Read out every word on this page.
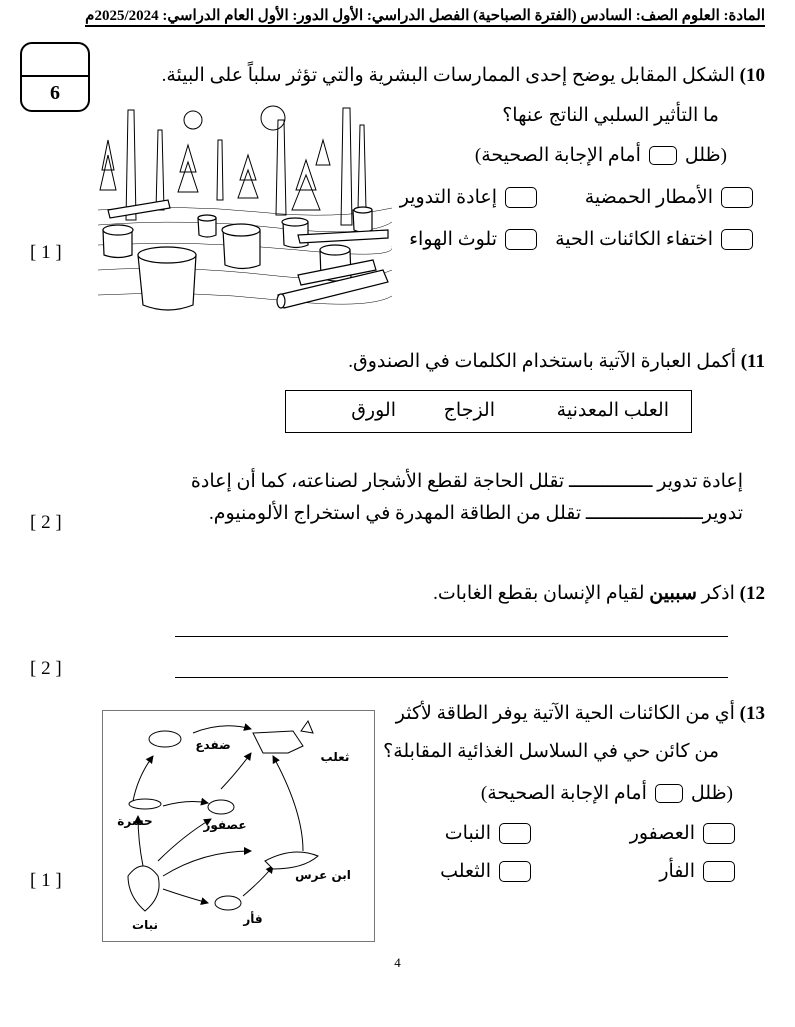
المادة: العلوم الصف: السادس (الفترة الصباحية) الفصل الدراسي: الأول الدور: الأول العام الدراسي: 2025/2024م
6
10) الشكل المقابل يوضح إحدى الممارسات البشرية والتي تؤثر سلباً على البيئة.
ما التأثير السلبي الناتج عنها؟
(ظلل
أمام الإجابة الصحيحة)
الأمطار الحمضية
إعادة التدوير
اختفاء الكائنات الحية
تلوث الهواء
[ 1 ]
11) أكمل العبارة الآتية باستخدام الكلمات في الصندوق.
العلب المعدنية
الزجاج
الورق
إعادة تدوير ـــــــــــــــ تقلل الحاجة لقطع الأشجار لصناعته، كما أن إعادة
تدويرـــــــــــــــــــــ تقلل من الطاقة المهدرة في استخراج الألومنيوم.
[ 2 ]
12) اذكر سببين لقيام الإنسان بقطع الغابات.
[ 2 ]
13) أي من الكائنات الحية الآتية يوفر الطاقة لأكثر
من كائن حي في السلاسل الغذائية المقابلة؟
(ظلل
أمام الإجابة الصحيحة)
العصفور
النبات
الفأر
الثعلب
[ 1 ]
ضفدع
ثعلب
حشرة	عصفور
ابن عرس
نبات	فأر
4
